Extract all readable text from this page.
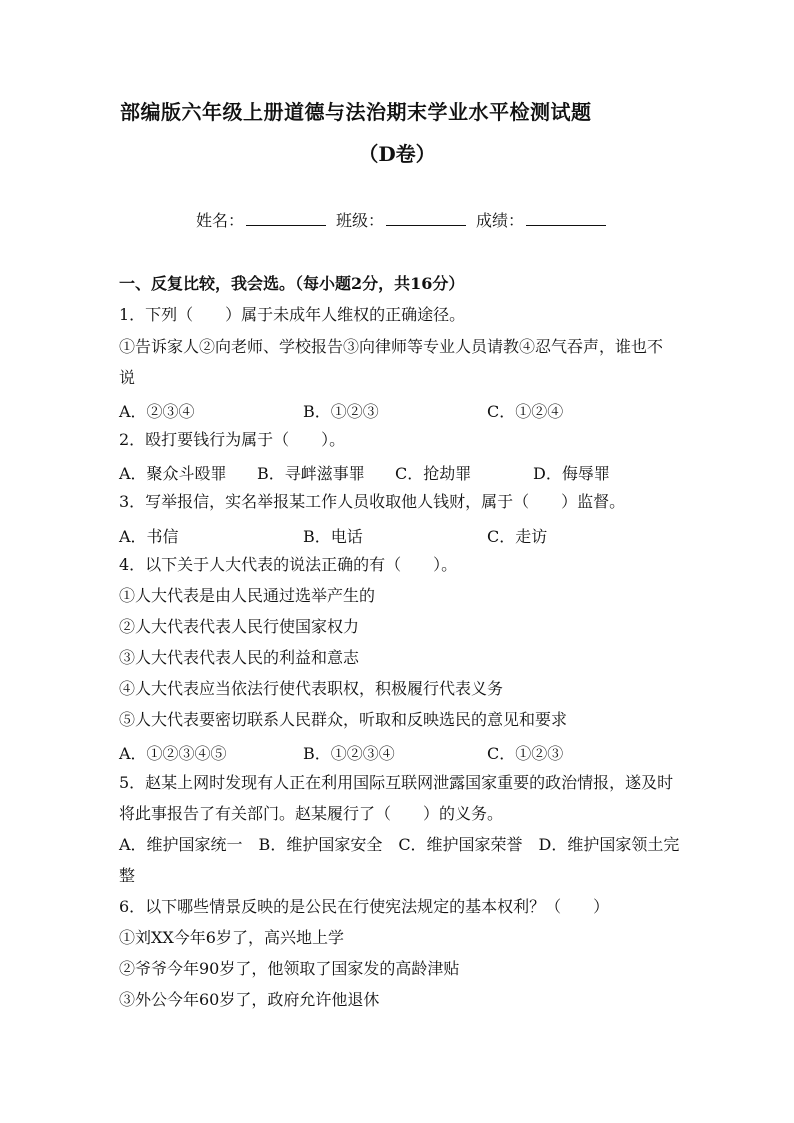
部编版六年级上册道德与法治期末学业水平检测试题
（D卷）
姓名：	班级：	成绩：
一、反复比较，我会选。（每小题2分，共16分）
1．下列（　　）属于未成年人维权的正确途径。
①告诉家人②向老师、学校报告③向律师等专业人员请教④忍气吞声，谁也不
说
A．②③④	B．①②③	C．①②④
2．殴打要钱行为属于（　　）。
A．聚众斗殴罪 B．寻衅滋事罪 C．抢劫罪	D．侮辱罪
3．写举报信，实名举报某工作人员收取他人钱财，属于（　　）监督。
A．书信	B．电话	C．走访
4．以下关于人大代表的说法正确的有（　　）。
①人大代表是由人民通过选举产生的
②人大代表代表人民行使国家权力
③人大代表代表人民的利益和意志
④人大代表应当依法行使代表职权，积极履行代表义务
⑤人大代表要密切联系人民群众，听取和反映选民的意见和要求
A．①②③④⑤	B．①②③④	C．①②③
5．赵某上网时发现有人正在利用国际互联网泄露国家重要的政治情报，遂及时
将此事报告了有关部门。赵某履行了（　　）的义务。
A．维护国家统一　B．维护国家安全　C．维护国家荣誉　D．维护国家领土完
整
6．以下哪些情景反映的是公民在行使宪法规定的基本权利？（　　）
①刘XX今年6岁了，高兴地上学
②爷爷今年90岁了，他领取了国家发的高龄津贴
③外公今年60岁了，政府允许他退休
